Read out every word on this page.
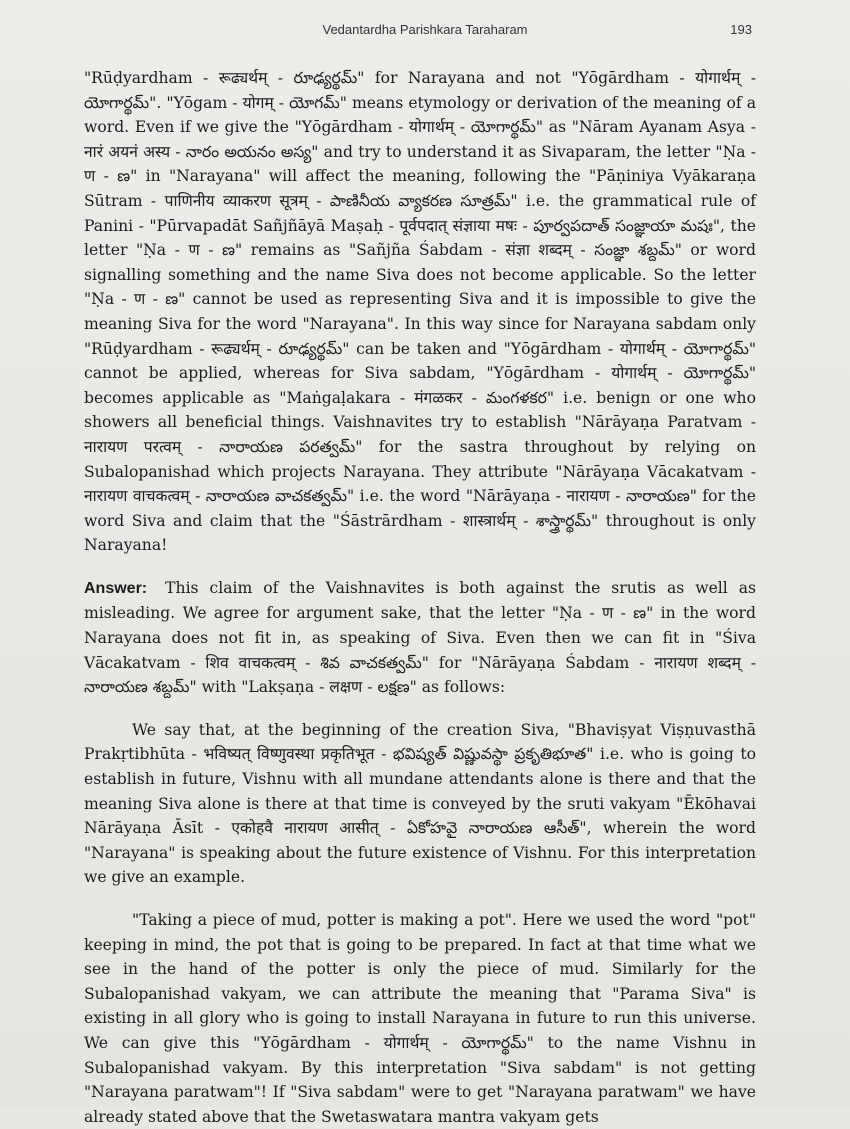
Vedantardha Parishkara Taraharam	193

"Rūḍyardham - रूढ्यर्थम् - రూఢ్యర్థమ్" for Narayana and not "Yōgārdham - योगार्थम् - యోగార్థమ్". "Yōgam - योगम् - యోగమ్" means etymology or derivation of the meaning of a word. Even if we give the "Yōgārdham - योगार्थम् - యోగార్థమ్" as "Nāram Ayanam Asya - नारं अयनं अस्य - నారం అయనం అస్య" and try to understand it as Sivaparam, the letter "Ṇa - ण - ణ" in "Narayana" will affect the meaning, following the "Pāṇiniya Vyākaraṇa Sūtram - पाणिनीय व्याकरण सूत्रम् - పాణినీయ వ్యాకరణ సూత్రమ్" i.e. the grammatical rule of Panini - "Pūrvapadāt Sañjñāyā Maṣaḥ - पूर्वपदात् संज्ञाया मषः - పూర్వపదాత్ సంజ్ఞాయా మషః", the letter "Ṇa - ण - ణ" remains as "Sañjña Śabdam - संज्ञा शब्दम् - సంజ్ఞా శబ్దమ్" or word signalling something and the name Siva does not become applicable. So the letter "Ṇa - ण - ణ" cannot be used as representing Siva and it is impossible to give the meaning Siva for the word "Narayana". In this way since for Narayana sabdam only "Rūḍyardham - रूढ्यर्थम् - రూఢ్యర్థమ్" can be taken and "Yōgārdham - योगार्थम् - యోగార్థమ్" cannot be applied, whereas for Siva sabdam, "Yōgārdham - योगार्थम् - యోగార్థమ్" becomes applicable as "Maṅgaḷakara - मंगळकर - మంగళకర" i.e. benign or one who showers all beneficial things. Vaishnavites try to establish "Nārāyaṇa Paratvam - नारायण परत्वम् - నారాయణ పరత్వమ్" for the sastra throughout by relying on Subalopanishad which projects Narayana. They attribute "Nārāyaṇa Vācakatvam - नारायण वाचकत्वम् - నారాయణ వాచకత్వమ్" i.e. the word "Nārāyaṇa - नारायण - నారాయణ" for the word Siva and claim that the "Śāstrārdham - शास्त्रार्थम् - శాస్త్రార్థమ్" throughout is only Narayana!

Answer: This claim of the Vaishnavites is both against the srutis as well as misleading. We agree for argument sake, that the letter "Ṇa - ण - ణ" in the word Narayana does not fit in, as speaking of Siva. Even then we can fit in "Śiva Vācakatvam - शिव वाचकत्वम् - శివ వాచకత్వమ్" for "Nārāyaṇa Śabdam - नारायण शब्दम् - నారాయణ శబ్దమ్" with "Lakṣaṇa - लक्षण - లక్షణ" as follows:

We say that, at the beginning of the creation Siva, "Bhaviṣyat Viṣṇuvasthā Prakṛtibhūta - भविष्यत् विष्णुवस्था प्रकृतिभूत - భవిష్యత్ విష్ణువస్థా ప్రకృతిభూత" i.e. who is going to establish in future, Vishnu with all mundane attendants alone is there and that the meaning Siva alone is there at that time is conveyed by the sruti vakyam "Ēkōhavai Nārāyaṇa Āsīt - एकोहवै नारायण आसीत् - ఏకోహవై నారాయణ ఆసీత్", wherein the word "Narayana" is speaking about the future existence of Vishnu. For this interpretation we give an example.

"Taking a piece of mud, potter is making a pot". Here we used the word "pot" keeping in mind, the pot that is going to be prepared. In fact at that time what we see in the hand of the potter is only the piece of mud. Similarly for the Subalopanishad vakyam, we can attribute the meaning that "Parama Siva" is existing in all glory who is going to install Narayana in future to run this universe. We can give this "Yōgārdham - योगार्थम् - యోగార్థమ్" to the name Vishnu in Subalopanishad vakyam. By this interpretation "Siva sabdam" is not getting "Narayana paratwam"! If "Siva sabdam" were to get "Narayana paratwam" we have already stated above that the Swetaswatara mantra vakyam gets
